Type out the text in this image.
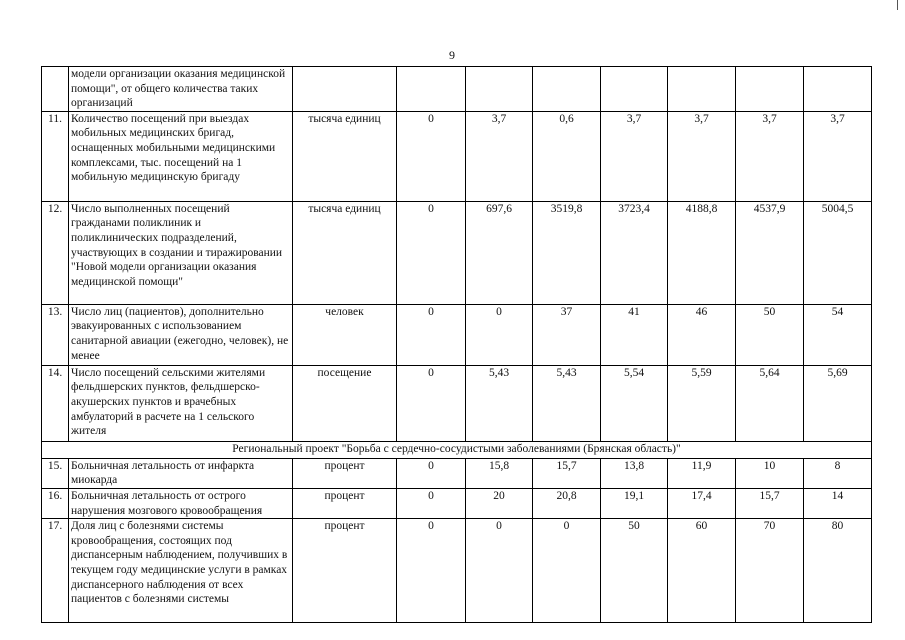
9
	модели организации оказания медицинской помощи", от общего количества таких организаций								
11.	Количество посещений при выездах мобильных медицинских бригад, оснащенных мобильными медицинскими комплексами, тыс. посещений на 1 мобильную медицинскую бригаду	тысяча единиц	0	3,7	0,6	3,7	3,7	3,7	3,7
12.	Число выполненных посещений гражданами поликлиник и поликлинических подразделений, участвующих в создании и тиражировании "Новой модели организации оказания медицинской помощи"	тысяча единиц	0	697,6	3519,8	3723,4	4188,8	4537,9	5004,5
13.	Число лиц (пациентов), дополнительно эвакуированных с использованием санитарной авиации (ежегодно, человек), не менее	человек	0	0	37	41	46	50	54
14.	Число посещений сельскими жителями фельдшерских пунктов, фельдшерско-акушерских пунктов и врачебных амбулаторий в расчете на 1 сельского жителя	посещение	0	5,43	5,43	5,54	5,59	5,64	5,69
Региональный проект "Борьба с сердечно-сосудистыми заболеваниями (Брянская область)"									
15.	Больничная летальность от инфаркта миокарда	процент	0	15,8	15,7	13,8	11,9	10	8
16.	Больничная летальность от острого нарушения мозгового кровообращения	процент	0	20	20,8	19,1	17,4	15,7	14
17.	Доля лиц с болезнями системы кровообращения, состоящих под диспансерным наблюдением, получивших в текущем году медицинские услуги в рамках диспансерного наблюдения от всех пациентов с болезнями системы	процент	0	0	0	50	60	70	80
